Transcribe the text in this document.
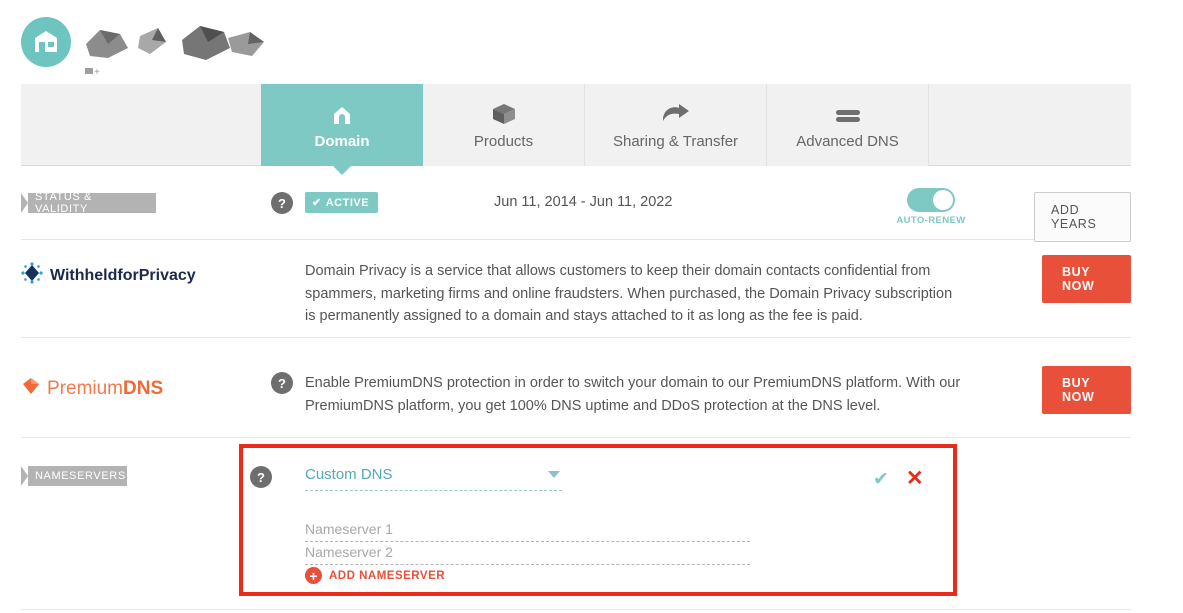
+
Domain	Products	Sharing & Transfer	Advanced DNS
STATUS & VALIDITY	?	✔ ACTIVE	Jun 11, 2014 - Jun 11, 2022
AUTO-RENEW
ADD YEARS
WithheldforPrivacy	Domain Privacy is a service that allows customers to keep their domain contacts confidential from spammers, marketing firms and online fraudsters. When purchased, the Domain Privacy subscription is permanently assigned to a domain and stays attached to it as long as the fee is paid.
BUY NOW
PremiumDNS	?	Enable PremiumDNS protection in order to switch your domain to our PremiumDNS platform. With our PremiumDNS platform, you get 100% DNS uptime and DDoS protection at the DNS level.
BUY NOW
NAMESERVERS	?	Custom DNS
Nameserver 1
Nameserver 2
+ ADD NAMESERVER
✔ ✕
